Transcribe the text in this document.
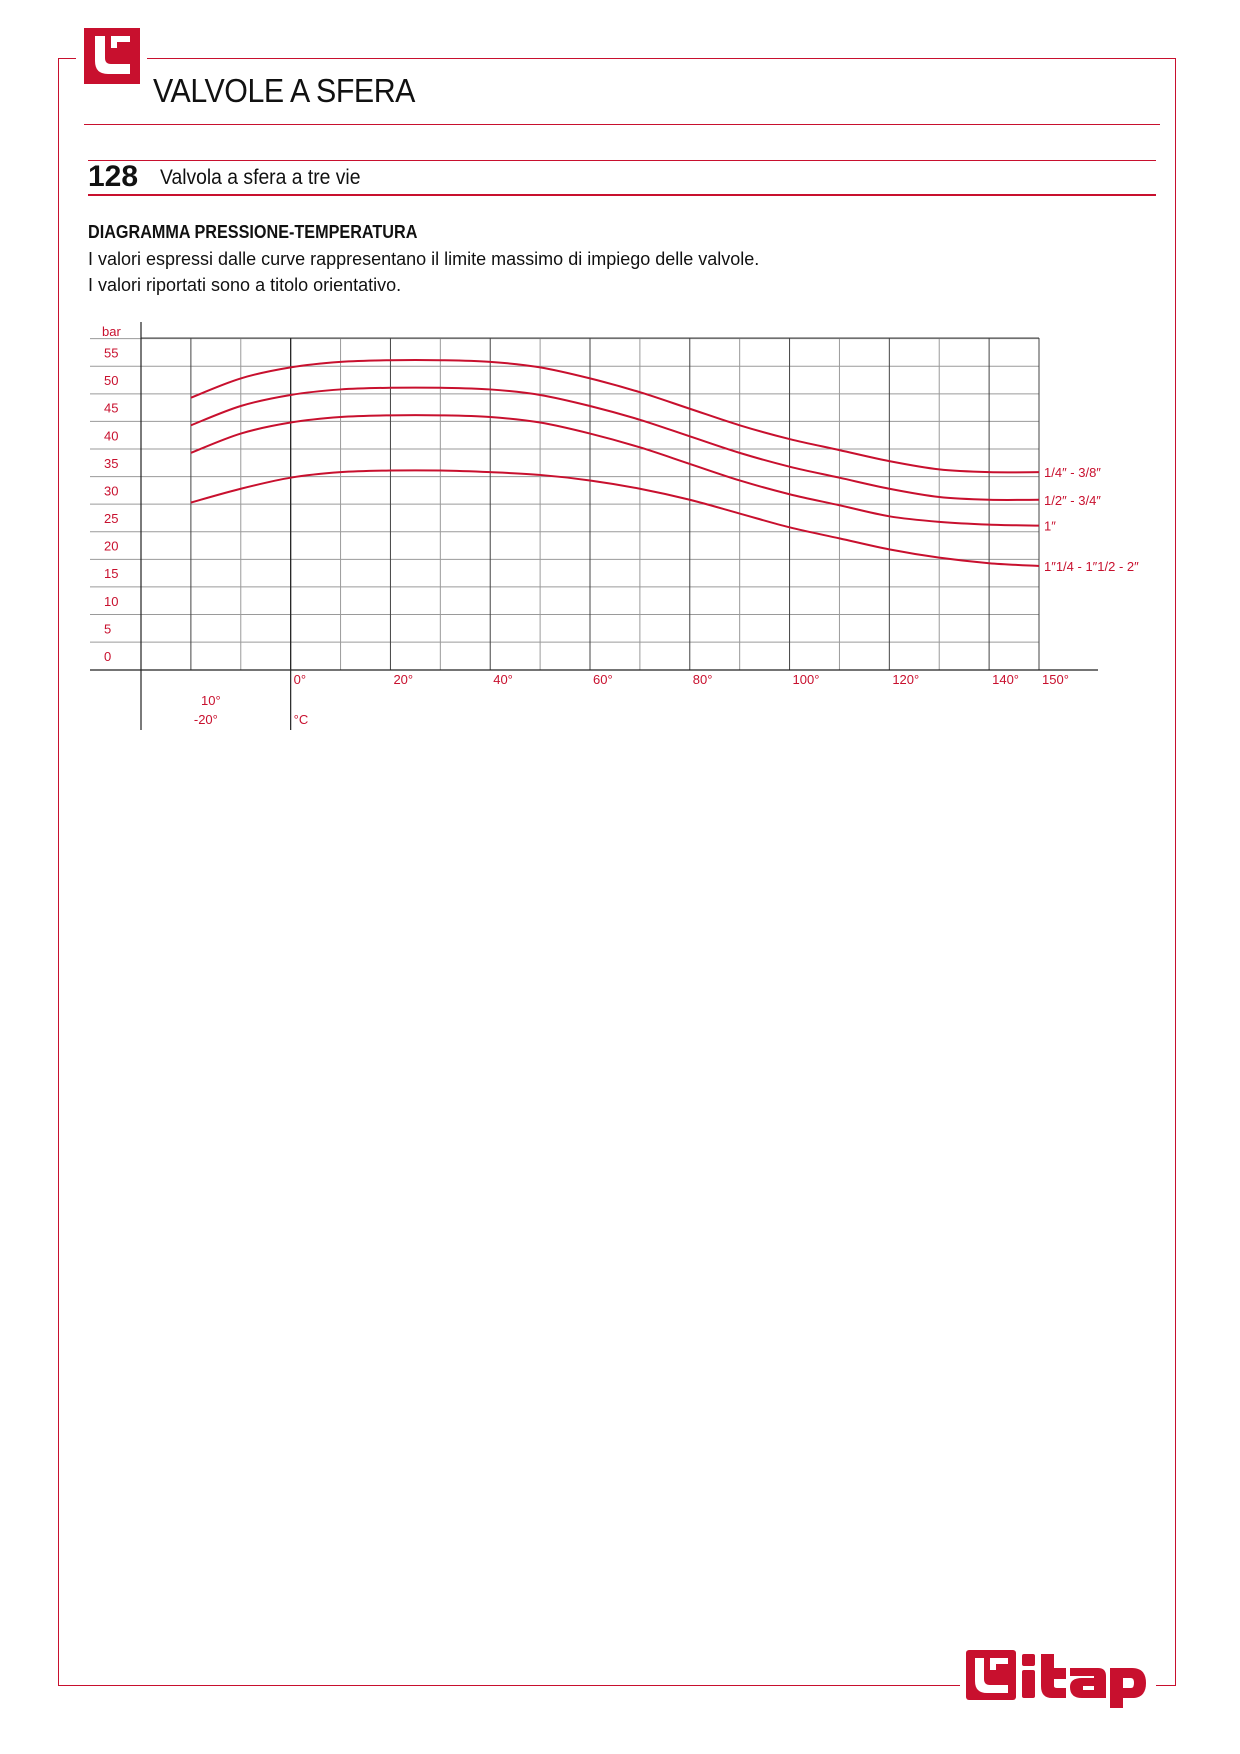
VALVOLE A SFERA
128 Valvola a sfera a tre vie
DIAGRAMMA PRESSIONE-TEMPERATURA
I valori espressi dalle curve rappresentano il limite massimo di impiego delle valvole.
I valori riportati sono a titolo orientativo.
bar
0
5
10
15
20
25
30
35
40
45
50
55
-20°
10°
0°	20°	40°	60°	80°	100°	120°	140° 150°
°C
1/4″ - 3/8″
1/2″ - 3/4″
1″
1″1/4 - 1″1/2 - 2″
